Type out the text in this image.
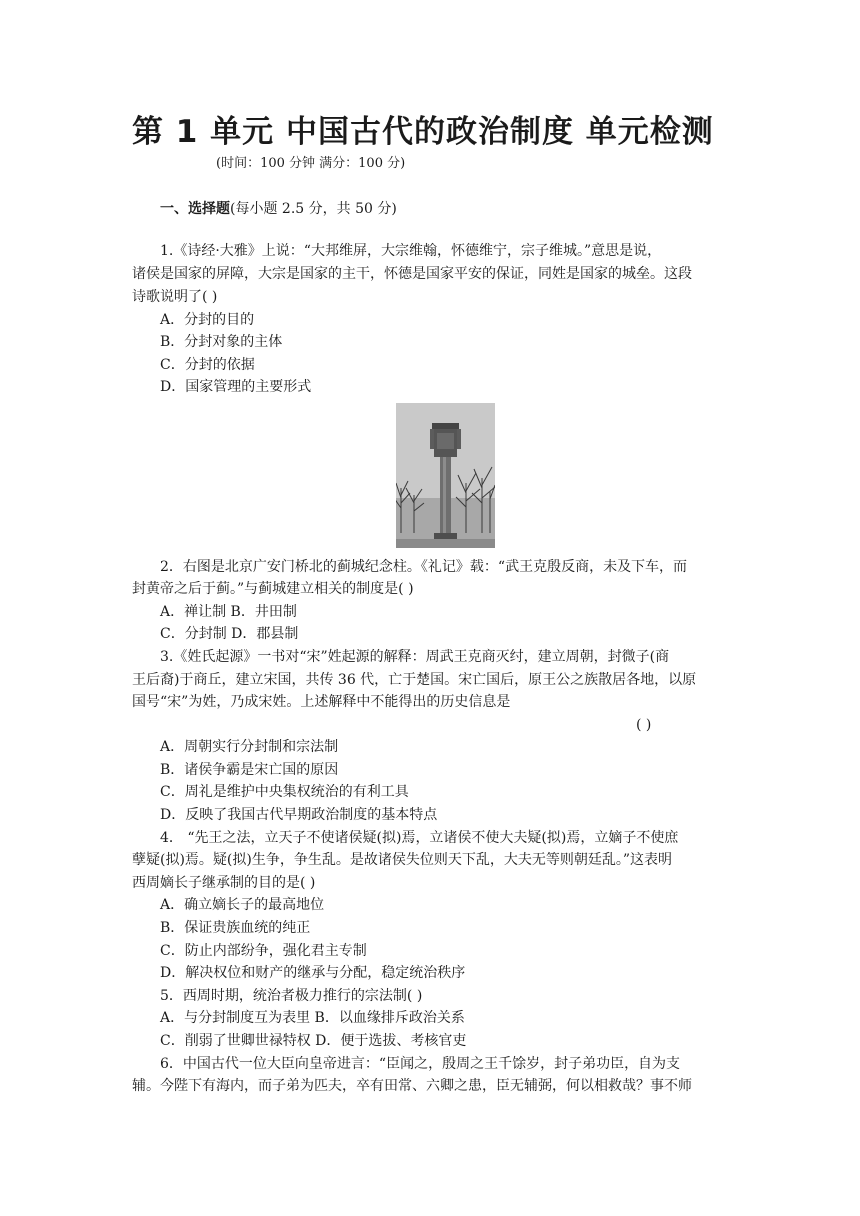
第 1 单元 中国古代的政治制度 单元检测
(时间：100 分钟 满分：100 分)
一、选择题(每小题 2.5 分，共 50 分)
1.《诗经·大雅》上说：“大邦维屏，大宗维翰，怀德维宁，宗子维城。”意思是说，
诸侯是国家的屏障，大宗是国家的主干，怀德是国家平安的保证，同姓是国家的城垒。这段
诗歌说明了( )
A．分封的目的
B．分封对象的主体
C．分封的依据
D．国家管理的主要形式
2．右图是北京广安门桥北的蓟城纪念柱。《礼记》载：“武王克殷反商，未及下车，而
封黄帝之后于蓟。”与蓟城建立相关的制度是( )
A．禅让制 B．井田制
C．分封制 D．郡县制
3.《姓氏起源》一书对“宋”姓起源的解释：周武王克商灭纣，建立周朝，封微子(商
王后裔)于商丘，建立宋国，共传 36 代，亡于楚国。宋亡国后，原王公之族散居各地，以原
国号“宋”为姓，乃成宋姓。上述解释中不能得出的历史信息是
( )
A．周朝实行分封制和宗法制
B．诸侯争霸是宋亡国的原因
C．周礼是维护中央集权统治的有利工具
D．反映了我国古代早期政治制度的基本特点
4． “先王之法，立天子不使诸侯疑(拟)焉，立诸侯不使大夫疑(拟)焉，立嫡子不使庶
孽疑(拟)焉。疑(拟)生争，争生乱。是故诸侯失位则天下乱，大夫无等则朝廷乱。”这表明
西周嫡长子继承制的目的是( )
A．确立嫡长子的最高地位
B．保证贵族血统的纯正
C．防止内部纷争，强化君主专制
D．解决权位和财产的继承与分配，稳定统治秩序
5．西周时期，统治者极力推行的宗法制( )
A．与分封制度互为表里 B．以血缘排斥政治关系
C．削弱了世卿世禄特权 D．便于选拔、考核官吏
6．中国古代一位大臣向皇帝进言：“臣闻之，殷周之王千馀岁，封子弟功臣，自为支
辅。今陛下有海内，而子弟为匹夫，卒有田常、六卿之患，臣无辅弼，何以相救哉？事不师
